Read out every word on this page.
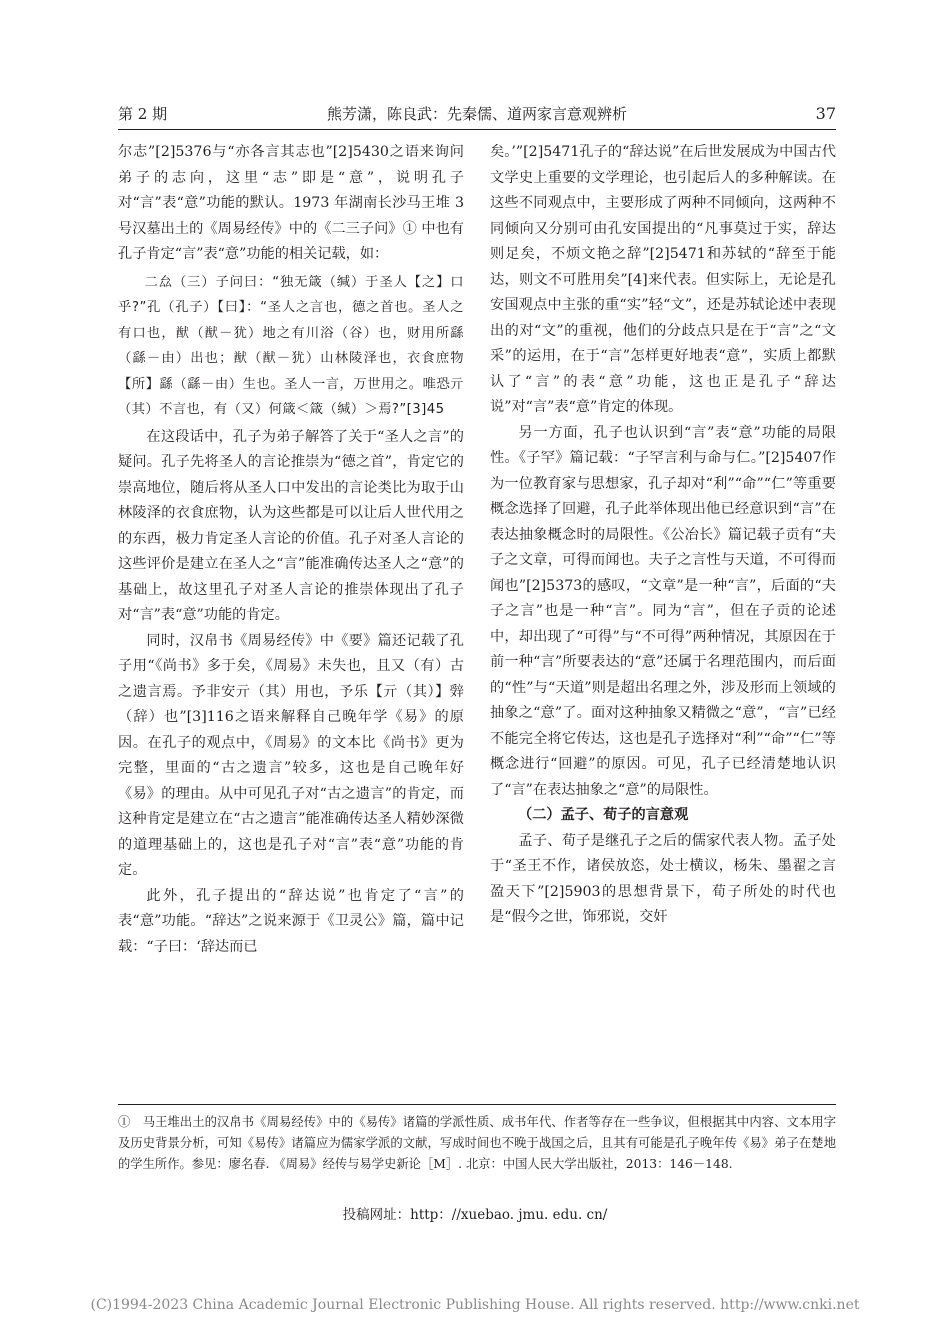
第 2 期	熊芳潇，陈良武：先秦儒、道两家言意观辨析	37

尔志”[2]5376与“亦各言其志也”[2]5430之语来询问弟子的志向，这里“志”即是“意”，说明孔子对“言”表“意”功能的默认。1973 年湖南长沙马王堆 3 号汉墓出土的《周易经传》中的《二三子问》① 中也有孔子肯定“言”表“意”功能的相关记载，如：

二厽（三）子问曰：“独无箴（缄）于圣人【之】口乎?”孔（孔子）【曰】：“圣人之言也，德之首也。圣人之有口也，猷（猷－犹）地之有川浴（谷）也，财用所繇（繇－由）出也；猷（猷－犹）山林陵泽也，衣食庶物【所】繇（繇－由）生也。圣人一言，万世用之。唯恐亓（其）不言也，有（又）何箴＜箴（缄）＞焉?”[3]45

在这段话中，孔子为弟子解答了关于“圣人之言”的疑问。孔子先将圣人的言论推崇为“德之首”，肯定它的崇高地位，随后将从圣人口中发出的言论类比为取于山林陵泽的衣食庶物，认为这些都是可以让后人世代用之的东西，极力肯定圣人言论的价值。孔子对圣人言论的这些评价是建立在圣人之“言”能准确传达圣人之“意”的基础上，故这里孔子对圣人言论的推崇体现出了孔子对“言”表“意”功能的肯定。

同时，汉帛书《周易经传》中《要》篇还记载了孔子用“《尚书》多于矣，《周易》未失也，且又（有）古之遗言焉。予非安亓（其）用也，予乐【亓（其）】辤（辞）也”[3]116之语来解释自己晚年学《易》的原因。在孔子的观点中，《周易》的文本比《尚书》更为完整，里面的“古之遗言”较多，这也是自己晚年好《易》的理由。从中可见孔子对“古之遗言”的肯定，而这种肯定是建立在“古之遗言”能准确传达圣人精妙深微的道理基础上的，这也是孔子对“言”表“意”功能的肯定。

此外，孔子提出的“辞达说”也肯定了“言”的表“意”功能。“辞达”之说来源于《卫灵公》篇，篇中记载：“子曰：‘辞达而已

矣。’”[2]5471孔子的“辞达说”在后世发展成为中国古代文学史上重要的文学理论，也引起后人的多种解读。在这些不同观点中，主要形成了两种不同倾向，这两种不同倾向又分别可由孔安国提出的“凡事莫过于实，辞达则足矣，不烦文艳之辞”[2]5471和苏轼的“辞至于能达，则文不可胜用矣”[4]来代表。但实际上，无论是孔安国观点中主张的重“实”轻“文”，还是苏轼论述中表现出的对“文”的重视，他们的分歧点只是在于“言”之“文采”的运用，在于“言”怎样更好地表“意”，实质上都默认了“言”的表“意”功能，这也正是孔子“辞达说”对“言”表“意”肯定的体现。

另一方面，孔子也认识到“言”表“意”功能的局限性。《子罕》篇记载：“子罕言利与命与仁。”[2]5407作为一位教育家与思想家，孔子却对“利”“命”“仁”等重要概念选择了回避，孔子此举体现出他已经意识到“言”在表达抽象概念时的局限性。《公冶长》篇记载子贡有“夫子之文章，可得而闻也。夫子之言性与天道，不可得而闻也”[2]5373的感叹，“文章”是一种“言”，后面的“夫子之言”也是一种“言”。同为“言”，但在子贡的论述中，却出现了“可得”与“不可得”两种情况，其原因在于前一种“言”所要表达的“意”还属于名理范围内，而后面的“性”与“天道”则是超出名理之外，涉及形而上领域的抽象之“意”了。面对这种抽象又精微之“意”，“言”已经不能完全将它传达，这也是孔子选择对“利”“命”“仁”等概念进行“回避”的原因。可见，孔子已经清楚地认识了“言”在表达抽象之“意”的局限性。

（二）孟子、荀子的言意观

孟子、荀子是继孔子之后的儒家代表人物。孟子处于“圣王不作，诸侯放恣，处士横议，杨朱、墨翟之言盈天下”[2]5903的思想背景下，荀子所处的时代也是“假今之世，饰邪说，交奸

①　马王堆出土的汉帛书《周易经传》中的《易传》诸篇的学派性质、成书年代、作者等存在一些争议，但根据其中内容、文本用字及历史背景分析，可知《易传》诸篇应为儒家学派的文献，写成时间也不晚于战国之后，且其有可能是孔子晚年传《易》弟子在楚地的学生所作。参见：廖名春. 《周易》经传与易学史新论［M］. 北京：中国人民大学出版社，2013：146－148.

投稿网址：http：//xuebao. jmu. edu. cn/
(C)1994-2023 China Academic Journal Electronic Publishing House. All rights reserved. http://www.cnki.net
